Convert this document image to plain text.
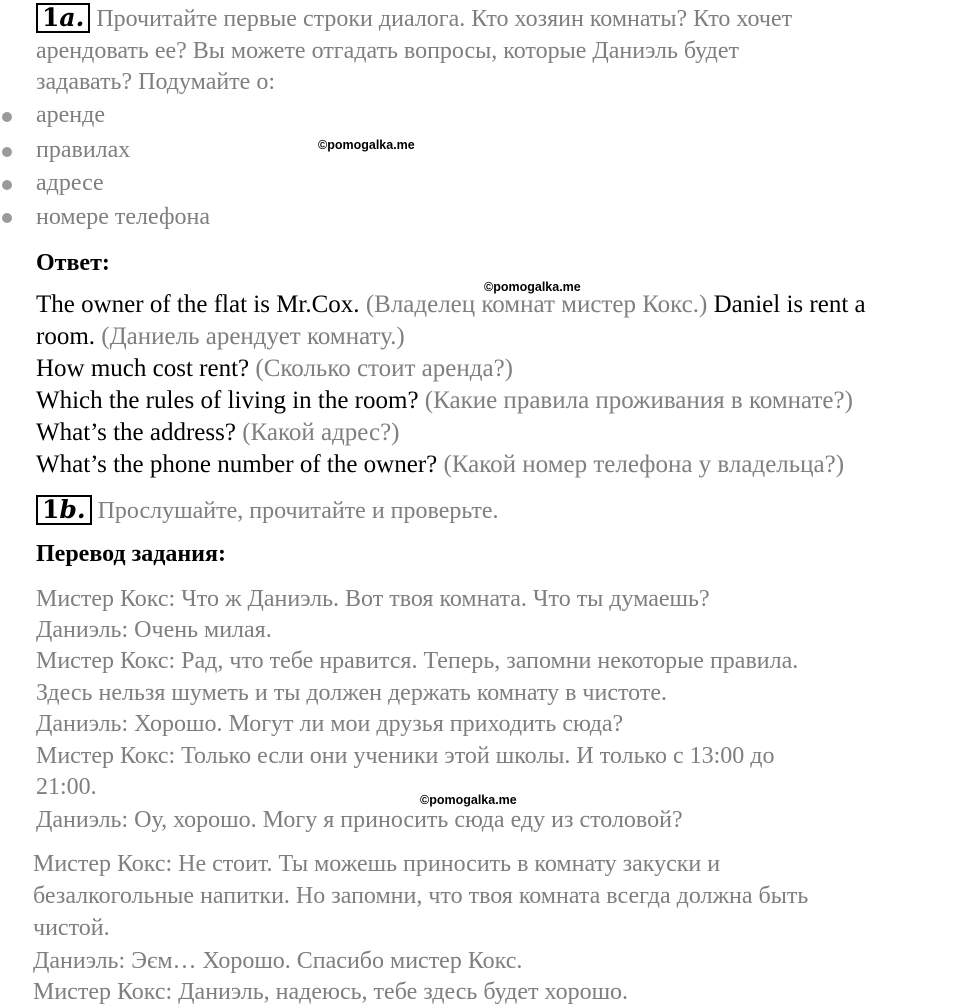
1a. Прочитайте первые строки диалога. Кто хозяин комнаты? Кто хочет
арендовать ее? Вы можете отгадать вопросы, которые Даниэль будет
задавать? Подумайте о:
аренде
правилах
адресе
номере телефона
©pomogalka.me
Ответ:
©pomogalka.me
The owner of the flat is Mr.Cox. (Владелец комнат мистер Кокс.) Daniel is rent a
room. (Даниель арендует комнату.)
How much cost rent? (Сколько стоит аренда?)
Which the rules of living in the room? (Какие правила проживания в комнате?)
What’s the address? (Какой адрес?)
What’s the phone number of the owner? (Какой номер телефона у владельца?)
1b. Прослушайте, прочитайте и проверьте.
Перевод задания:
Мистер Кокс: Что ж Даниэль. Вот твоя комната. Что ты думаешь?
Даниэль: Очень милая.
Мистер Кокс: Рад, что тебе нравится. Теперь, запомни некоторые правила.
Здесь нельзя шуметь и ты должен держать комнату в чистоте.
Даниэль: Хорошо. Могут ли мои друзья приходить сюда?
Мистер Кокс: Только если они ученики этой школы. И только с 13:00 до
21:00.	©pomogalka.me
Даниэль: Оу, хорошо. Могу я приносить сюда еду из столовой?
Мистер Кокс: Не стоит. Ты можешь приносить в комнату закуски и
безалкогольные напитки. Но запомни, что твоя комната всегда должна быть
чистой.
Даниэль: Эєм… Хорошо. Спасибо мистер Кокс.
Мистер Кокс: Даниэль, надеюсь, тебе здесь будет хорошо.
